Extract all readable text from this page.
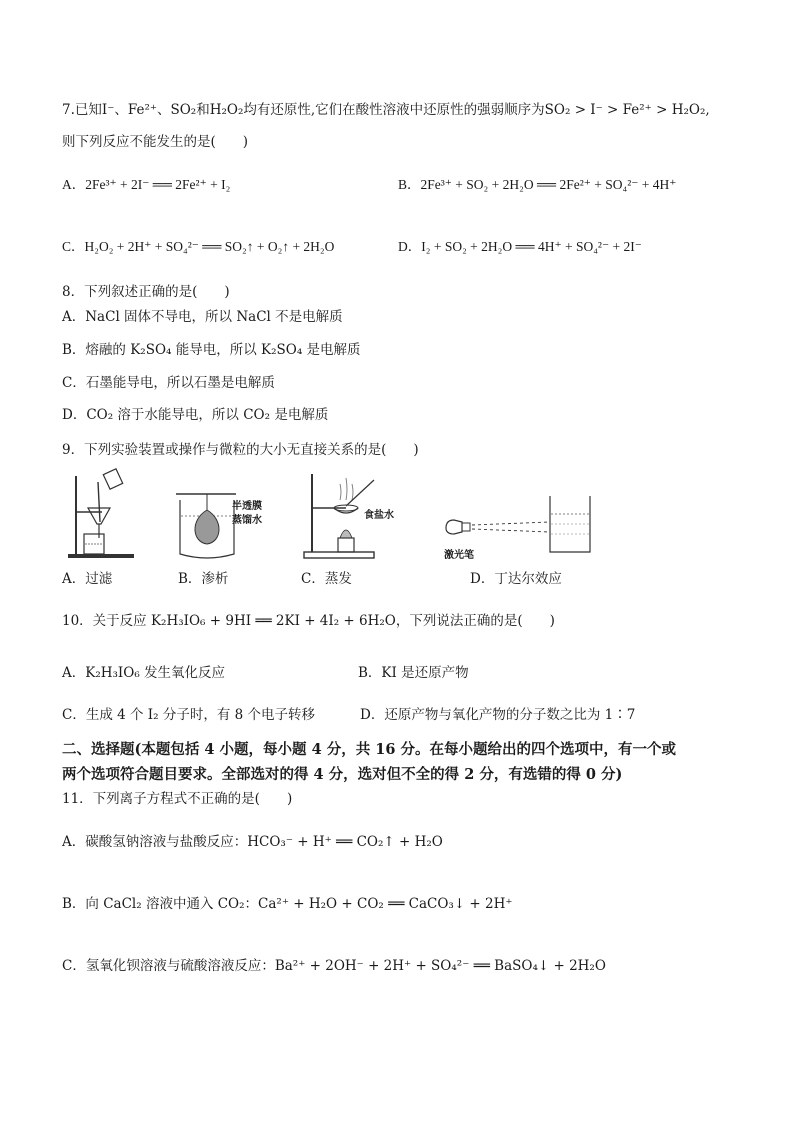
7.已知I⁻、Fe²⁺、SO₂和H₂O₂均有还原性,它们在酸性溶液中还原性的强弱顺序为SO₂ > I⁻ > Fe²⁺ > H₂O₂,
则下列反应不能发生的是(　　)
A．2Fe³⁺ + 2I⁻ ══ 2Fe²⁺ + I₂	B．2Fe³⁺ + SO₂ + 2H₂O ══ 2Fe²⁺ + SO₄²⁻ + 4H⁺
C．H₂O₂ + 2H⁺ + SO₄²⁻ ══ SO₂↑ + O₂↑ + 2H₂O	D．I₂ + SO₂ + 2H₂O ══ 4H⁺ + SO₄²⁻ + 2I⁻
8．下列叙述正确的是(　　)
A．NaCl 固体不导电，所以 NaCl 不是电解质
B．熔融的 K₂SO₄ 能导电，所以 K₂SO₄ 是电解质
C．石墨能导电，所以石墨是电解质
D．CO₂ 溶于水能导电，所以 CO₂ 是电解质
9．下列实验装置或操作与微粒的大小无直接关系的是(　　)
半透膜
蒸馏水	食盐水
激光笔
A．过滤	B．渗析	C．蒸发	D．丁达尔效应
10．关于反应 K₂H₃IO₆ + 9HI ══ 2KI + 4I₂ + 6H₂O，下列说法正确的是(　　)
A．K₂H₃IO₆ 发生氧化反应	B．KI 是还原产物
C．生成 4 个 I₂ 分子时，有 8 个电子转移	D．还原产物与氧化产物的分子数之比为 1∶7
二、选择题(本题包括 4 小题，每小题 4 分，共 16 分。在每小题给出的四个选项中，有一个或
两个选项符合题目要求。全部选对的得 4 分，选对但不全的得 2 分，有选错的得 0 分)
11．下列离子方程式不正确的是(　　)
A．碳酸氢钠溶液与盐酸反应：HCO₃⁻ + H⁺ ══ CO₂↑ + H₂O
B．向 CaCl₂ 溶液中通入 CO₂：Ca²⁺ + H₂O + CO₂ ══ CaCO₃↓ + 2H⁺
C．氢氧化钡溶液与硫酸溶液反应：Ba²⁺ + 2OH⁻ + 2H⁺ + SO₄²⁻ ══ BaSO₄↓ + 2H₂O
